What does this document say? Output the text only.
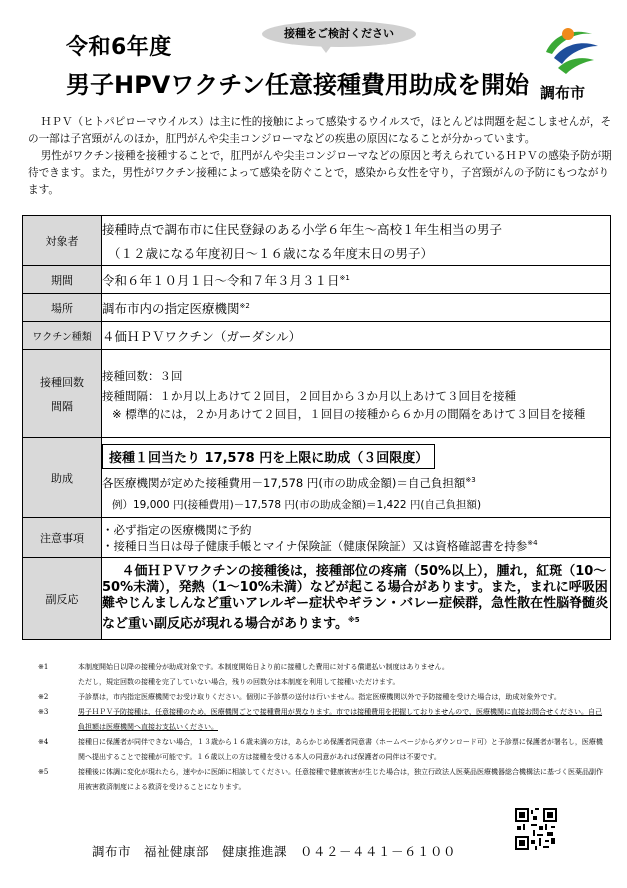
令和6年度
男子HPVワクチン任意接種費用助成を開始
接種をご検討ください
調布市

ＨＰＶ（ヒトパピローマウイルス）は主に性的接触によって感染するウイルスで，ほとんどは問題を起こしませんが，その一部は子宮頸がんのほか，肛門がんや尖圭コンジローマなどの疾患の原因になることが分かっています。

男性がワクチン接種を接種することで，肛門がんや尖圭コンジローマなどの原因と考えられているＨＰＶの感染予防が期待できます。また，男性がワクチン接種によって感染を防ぐことで，感染から女性を守り，子宮頸がんの予防にもつながります。

対象者	接種時点で調布市に住民登録のある小学６年生～高校１年生相当の男子
（１２歳になる年度初日～１６歳になる年度末日の男子）

期間	令和６年１０月１日～令和７年３月３１日$^{※1}$
場所	調布市内の指定医療機関$^{※2}$
ワクチン種類	４価ＨＰＶワクチン（ガーダシル）

接種回数
間隔	接種回数：３回
接種間隔：１か月以上あけて２回目，２回目から３か月以上あけて３回目を接種
※ 標準的には，２か月あけて２回目，１回目の接種から６か月の間隔をあけて３回目を接種

助成	接種１回当たり 17,578 円を上限に助成（３回限度）
各医療機関が定めた接種費用－17,578 円(市の助成金額)＝自己負担額$^{※3}$
例）19,000 円(接種費用)－17,578 円(市の助成金額)＝1,422 円(自己負担額)

注意事項	・必ず指定の医療機関に予約
・接種日当日は母子健康手帳とマイナ保険証（健康保険証）又は資格確認書を持参$^{※4}$

副反応	４価ＨＰＶワクチンの接種後は，接種部位の疼痛（50%以上），腫れ，紅斑（10～50%未満），発熱（1～10%未満）などが起こる場合があります。また，まれに呼吸困難やじんましんなど重いアレルギー症状やギラン・バレー症候群，急性散在性脳脊髄炎など重い副反応が現れる場合があります。$^{※5}$
※1	本制度開始日以降の接種分が助成対象です。本制度開始日より前に接種した費用に対する償還払い制度はありません。
ただし，規定回数の接種を完了していない場合，残りの回数分は本制度を利用して接種いただけます。
※2	予診票は，市内指定医療機関でお受け取りください。個別に予診票の送付は行いません。指定医療機関以外で予防接種を受けた場合は，助成対象外です。
※3	男子ＨＰＶ予防接種は，任意接種のため，医療機関ごとで接種費用が異なります。市では接種費用を把握しておりませんので，医療機関に直接お問合せください。自己負担額は医療機関へ直接お支払いください。
※4	接種日に保護者が同伴できない場合，１３歳から１６歳未満の方は，あらかじめ保護者同意書（ホームページからダウンロード可）と予診票に保護者が署名し，医療機関へ提出することで接種が可能です。１６歳以上の方は接種を受ける本人の同意があれば保護者の同伴は不要です。
※5	接種後に体調に変化が現れたら，速やかに医師に相談してください。任意接種で健康被害が生じた場合は，独立行政法人医薬品医療機器総合機構法に基づく医薬品副作用被害救済制度による救済を受けることになります。
調布市　福祉健康部　健康推進課　０４２－４４１－６１００
